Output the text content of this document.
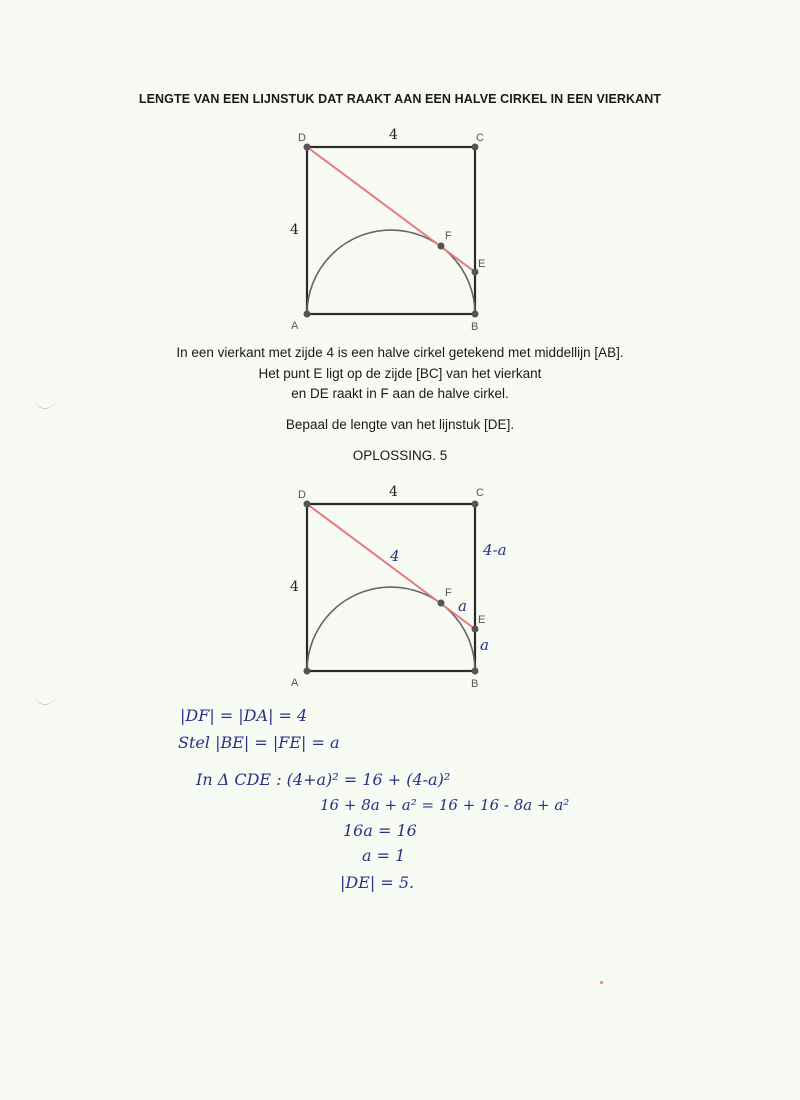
LENGTE VAN EEN LIJNSTUK DAT RAAKT AAN EEN HALVE CIRKEL IN EEN VIERKANT
D	C
A	B
E
F
4
4
In een vierkant met zijde 4 is een halve cirkel getekend met middellijn [AB].
Het punt E ligt op de zijde [BC] van het vierkant
en DE raakt in F aan de halve cirkel.
Bepaal de lengte van het lijnstuk [DE].
OPLOSSING. 5
D	C
A	B
E
F
4
4
4	4-a
a
a
|DF| = |DA| = 4
Stel |BE| = |FE| = a
In Δ CDE : (4+a)² = 16 + (4-a)²
16 + 8a + a² = 16 + 16 - 8a + a²
16a = 16
a = 1
|DE| = 5.
